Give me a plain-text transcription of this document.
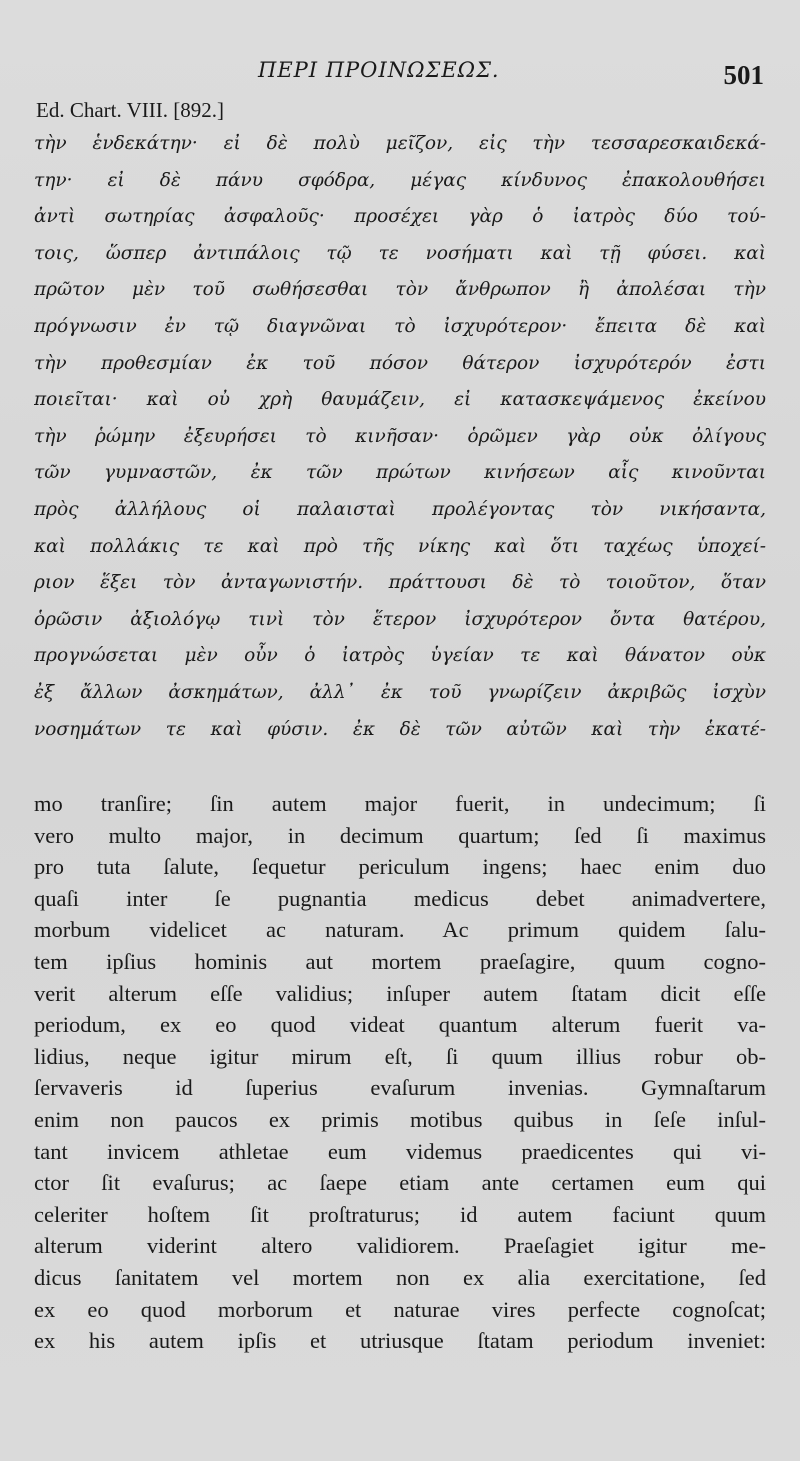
ΠΕΡΙ ΠΡΟΙΝΩΣΕΩΣ.	501
Ed. Chart. VIII. [892.]
τὴν ἑνδεκάτην· εἰ δὲ πολὺ μεῖζον, εἰς τὴν τεσσαρεσκαιδεκά-
την· εἰ δὲ πάνυ σφόδρα, μέγας κίνδυνος ἐπακολουθήσει
ἀντὶ σωτηρίας ἀσφαλοῦς· προσέχει γὰρ ὁ ἰατρὸς δύο τού-
τοις, ὥσπερ ἀντιπάλοις τῷ τε νοσήματι καὶ τῇ φύσει. καὶ
πρῶτον μὲν τοῦ σωθήσεσθαι τὸν ἄνθρωπον ἢ ἀπολέσαι τὴν
πρόγνωσιν ἐν τῷ διαγνῶναι τὸ ἰσχυρότερον· ἔπειτα δὲ καὶ
τὴν προθεσμίαν ἐκ τοῦ πόσον θάτερον ἰσχυρότερόν ἐστι
ποιεῖται· καὶ οὐ χρὴ θαυμάζειν, εἰ κατασκεψάμενος ἐκείνου
τὴν ῥώμην ἐξευρήσει τὸ κινῆσαν· ὁρῶμεν γὰρ οὐκ ὀλίγους
τῶν γυμναστῶν, ἐκ τῶν πρώτων κινήσεων αἷς κινοῦνται
πρὸς ἀλλήλους οἱ παλαισταὶ προλέγοντας τὸν νικήσαντα,
καὶ πολλάκις τε καὶ πρὸ τῆς νίκης καὶ ὅτι ταχέως ὑποχεί-
ριον ἕξει τὸν ἀνταγωνιστήν. πράττουσι δὲ τὸ τοιοῦτον, ὅταν
ὁρῶσιν ἀξιολόγῳ τινὶ τὸν ἕτερον ἰσχυρότερον ὄντα θατέρου,
προγνώσεται μὲν οὖν ὁ ἰατρὸς ὑγείαν τε καὶ θάνατον οὐκ
ἐξ ἄλλων ἀσκημάτων, ἀλλ᾽ ἐκ τοῦ γνωρίζειν ἀκριβῶς ἰσχὺν
νοσημάτων τε καὶ φύσιν. ἐκ δὲ τῶν αὐτῶν καὶ τὴν ἑκατέ-
mo tranſire; ſin autem major fuerit, in undecimum; ſi
vero multo major, in decimum quartum; ſed ſi maximus
pro tuta ſalute, ſequetur periculum ingens; haec enim duo
quaſi inter ſe pugnantia medicus debet animadvertere,
morbum videlicet ac naturam. Ac primum quidem ſalu-
tem ipſius hominis aut mortem praeſagire, quum cogno-
verit alterum eſſe validius; inſuper autem ſtatam dicit eſſe
periodum, ex eo quod videat quantum alterum fuerit va-
lidius, neque igitur mirum eſt, ſi quum illius robur ob-
ſervaveris id ſuperius evaſurum invenias. Gymnaſtarum
enim non paucos ex primis motibus quibus in ſeſe inſul-
tant invicem athletae eum videmus praedicentes qui vi-
ctor ſit evaſurus; ac ſaepe etiam ante certamen eum qui
celeriter hoſtem ſit proſtraturus; id autem faciunt quum
alterum viderint altero validiorem. Praeſagiet igitur me-
dicus ſanitatem vel mortem non ex alia exercitatione, ſed
ex eo quod morborum et naturae vires perfecte cognoſcat;
ex his autem ipſis et utriusque ſtatam periodum inveniet:
